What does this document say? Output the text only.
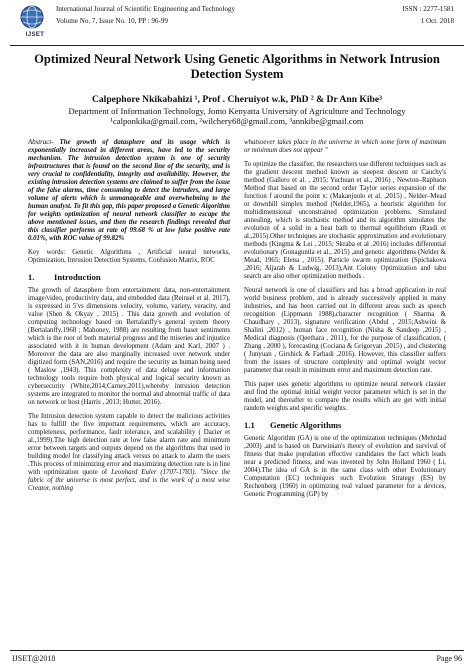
IJSET
International Journal of Scientific Engineering and Technology
Volume No. 7, Issue No. 10, PP : 96-99
ISSN : 2277-1581
1 Oct. 2018
Optimized Neural Network Using Genetic Algorithms in Network Intrusion Detection System
Calpephore Nkikabahizi ¹, Prof . Cheruiyot w.k, PhD ² & Dr Ann Kibe³
Department of Information Technology, Jomo Kenyatta University of Agriculture and Technology
¹calponkika@gmail.com, ²wilchery68@gmail.com, ³annkibe@gmail.com

Abstract- The growth of datasphere and its usage which is exponentially increased in different areas, have led to the security mechanism. The intrusion detection system is one of security infrastructures that is found on the second line of the security, and is very crucial to confidentiality, integrity and availability. However, the existing intrusion detection systems are claimed to suffer from the issue of the false alarms, time consuming to detect the intruders, and large volume of alerts which is unmanageable and overwhelming to the human analyst. To fit this gap, this paper proposed a Genetic Algorithm for weights optimization of neural network classifier to escape the above mentioned issues, and then the research findings revealed that this classifier performs at rate of 99.68 % at low false positive rate 0.01%, with ROC value of 99.82%

Key words: Genetic Algorithms , Artificial neural networks, Optimization, Intrusion Detection Systems, Confusion Matrix, ROC

1.	Introduction

The growth of datasphere from entertainment data, non-entertainment image/video, productivity data, and embedded data (Reinsel et al. 2017), is expressed in 5'vs dimensions velocity, volume, variety, veracity, and value (Shen & Okyay , 2015) . This data growth and evolution of computing technology based on Bertalanffy's general system theory (Bertalanffy,1968 ; Mahoney, 1988) are resulting from baser sentiments which is the root of both material progress and the miseries and injustice associated with it in human development (Adam and Karl, 2007 ) . Moreover the data are also marginally increased over network under digitized form (SAN,2016) and require the security as human being need ( Maslow ,1943). This complexity of data deluge and information technology tools require both physical and logical security known as cybersecurity (White,2014;Carney,2011),whereby intrusion detection systems are integrated to monitor the normal and abnormal traffic of data on network or host (Harris , 2013; Hutter, 2016).

The Intrusion detection system capable to detect the malicious activities has to fulfill the five important requirements, which are accuracy, completeness, performance, fault tolerance, and scalability ( Dacier et al.,1999).The high detection rate at low false alarm rate and minimum error between targets and outputs depend on the algorithms that used in building model for classifying attack versus no attack to alarm the users .This process of minimizing error and maximizing detection rate is in line with optimization quote of Leonhard Euler (1707-1783). "Since the fabric of the universe is most perfect, and is the work of a most wise Creator, nothing

whatsoever takes place in the universe in which some form of maximum or minimum does not appear "

To optimize the classifier, the researchers use different techniques such as the gradient descent method known as steepest descent or Cauchy's method (Gallero et al. , 2015; Yuchuan et al., 2016) , Newton–Raphson Method that based on the second order Taylor series expansion of the function f around the point x: (Makanjuolo et al. ,2015) , Nelder–Mead or downhill simplex method (Nelder,1965), a heuristic algorithm for multidimensional unconstrained optimization problems. Simulated annealing, which is stochastic method and its algorithm simulates the evolution of a solid in a heat bath to thermal equilibrium (Rasdi et al.,2015).Other techniques are stochastic approximation and evolutionary methods (Kingma & Lei , 2015; Skraba et al .2016) includes differential evolutionary (Gonaguntla et al., 2015) ,and genetic algorithms (Nelder & Mead, 1965; Elena , 2015). Particle swarm optimization (Spichakova ,2016; Aljarah & Ludwig, 2013),Ant Colony Optimization and tabu search are also other optimization methods .

Neural network is one of classifiers and has a broad application in real world business problem, and is already successively applied in many industries, and has been carried out in different areas such as speech recognition (Lippmann 1988),character recognition ( Sharma & Chaudhary , 2013), signature verification (Abdul , 2015;Ashwini & Shalini ,2012) , human face recognition (Nisha & Sandeep ,2015) , Medical diagnosis (Qeethara , 2011), for the purpose of classification, ( Zhang , 2000 ), forecasting (Cociana & Grigoryan ,2015) , and clustering ( Junyuan , Girshick & Farhadi ,2016). However, this classifier suffers from the issues of structure complexity and optimal weight vector parameter that result in minimum error and maximum detection rate.

This paper uses genetic algorithms to optimize neural network classier and find the optimal initial weight vector parameter which is set in the model, and thereafter to compare the results which are get with initial random weights and specific weights.

1.1	Genetic Algorithms

Genetic Algorithm (GA) is one of the optimization techniques (Mehrdad ,2003) ,and is based on Darwinian's theory of evolution and survival of fitness that make population effective candidates the fact which leads near a predicted fitness, and was invented by John Holland 1960 ( Li, 2004).The idea of GA is in the same class with other Evolutionary Computation (EC) techniques such Evolution Strategy (ES) by Rechenberg (1960) in optimizing real valued parameter for a devices, Genetic Programming (GP) by

IJSET@2018	Page 96
